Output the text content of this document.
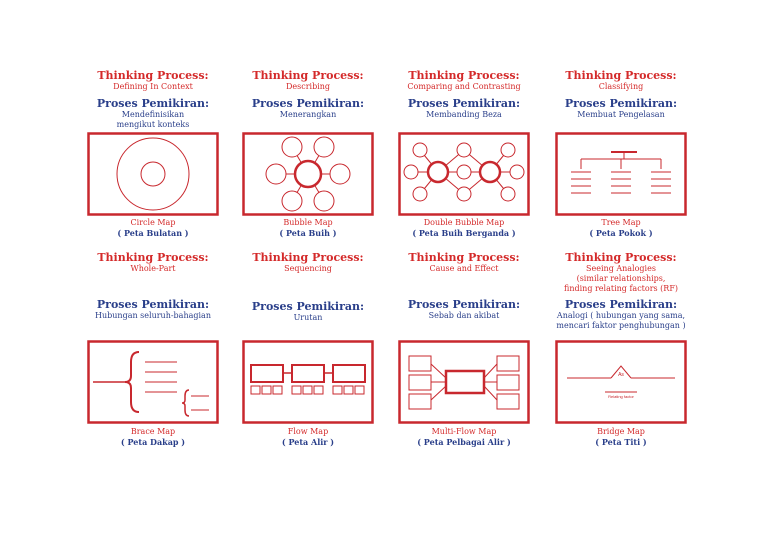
Thinking Process:
Defining In Context
Proses Pemikiran:
Mendefinisikan
mengikut konteks
Circle Map
( Peta Bulatan )
Thinking Process:
Describing
Proses Pemikiran:
Menerangkan
Bubble Map
( Peta Buih )
Thinking Process:
Comparing and Contrasting
Proses Pemikiran:
Membanding Beza
Double Bubble Map
( Peta Buih Berganda )
Thinking Process:
Classifying
Proses Pemikiran:
Membuat Pengelasan
Tree Map
( Peta Pokok )
Thinking Process:
Whole-Part
Proses Pemikiran:
Hubungan seluruh-bahagian
Brace Map
( Peta Dakap )
Thinking Process:
Sequencing
Proses Pemikiran:
Urutan
Flow Map
( Peta Alir )
Thinking Process:
Cause and Effect
Proses Pemikiran:
Sebab dan akibat
Multi-Flow Map
( Peta Pelbagai Alir )
Thinking Process:
Seeing Analogies
(similar relationships,
finding relating factors (RF)
Proses Pemikiran:
Analogi ( hubungan yang sama,
mencari faktor penghubungan )
As
Relating factor
Bridge Map
( Peta Titi )
